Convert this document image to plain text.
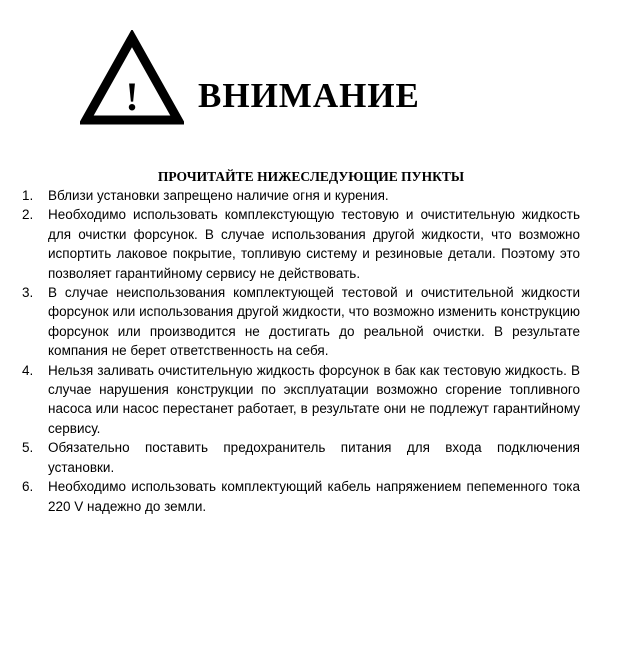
! ВНИМАНИЕ
ПРОЧИТАЙТЕ НИЖЕСЛЕДУЮЩИЕ ПУНКТЫ
1.	Вблизи установки запрещено наличие огня и курения.
2.	Необходимо использовать комплекстующую тестовую и очистительную жидкость для очистки форсунок. В случае использования другой жидкости, что возможно испортить лаковое покрытие, топливую систему и резиновые детали. Поэтому это позволяет гарантийному сервису не действовать.
3.	В случае неиспользования комплектующей тестовой и очистительной жидкости форсунок или использования другой жидкости, что возможно изменить конструкцию форсунок или производится не достигать до реальной очистки. В результате компания не берет ответственность на себя.
4.	Нельзя заливать очистительную жидкость форсунок в бак как тестовую жидкость. В случае нарушения конструкции по эксплуатации возможно сгорение топливного насоса или насос перестанет работает, в результате они не подлежут гарантийному сервису.
5.	Обязательно поставить предохранитель питания для входа подключения установки.
6.	Необходимо использовать комплектующий кабель напряжением пепеменного тока 220 V надежно до земли.
